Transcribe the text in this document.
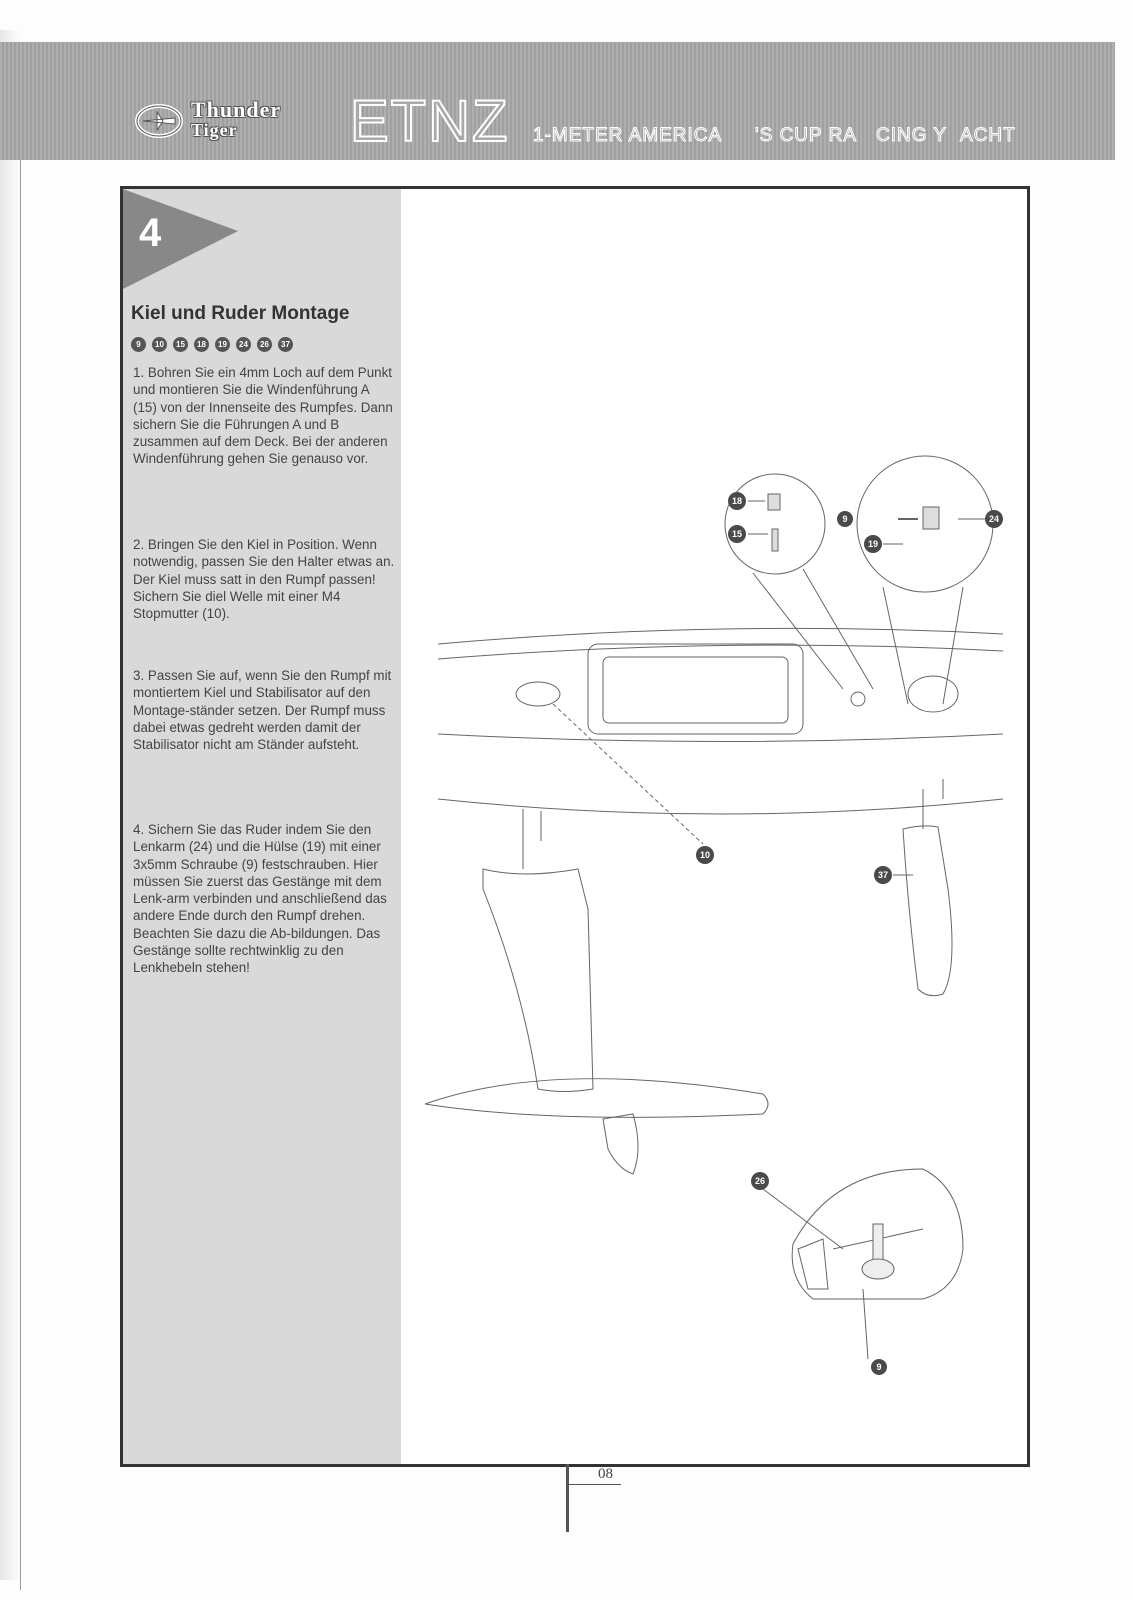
Thunder
Tiger ETNZ 1-METER AMERICA 'S CUP RA CING Y ACHT
4
Kiel und Ruder Montage
9	10	15	18	19	24	26	37

1. Bohren Sie ein 4mm Loch auf dem Punkt und montieren Sie die Windenführung A (15) von der Innenseite des Rumpfes. Dann sichern Sie die Führungen A und B zusammen auf dem Deck. Bei der anderen Windenführung gehen Sie genauso vor.

2. Bringen Sie den Kiel in Position. Wenn notwendig, passen Sie den Halter etwas an. Der Kiel muss satt in den Rumpf passen! Sichern Sie diel Welle mit einer M4 Stopmutter (10).

3. Passen Sie auf, wenn Sie den Rumpf mit montiertem Kiel und Stabilisator auf den Montage-ständer setzen. Der Rumpf muss dabei etwas gedreht werden damit der Stabilisator nicht am Ständer aufsteht.

4. Sichern Sie das Ruder indem Sie den Lenkarm (24) und die Hülse (19) mit einer 3x5mm Schraube (9) festschrauben. Hier müssen Sie zuerst das Gestänge mit dem Lenk-arm verbinden und anschließend das andere Ende durch den Rumpf drehen. Beachten Sie dazu die Ab-bildungen. Das Gestänge sollte rechtwinklig zu den Lenkhebeln stehen!

18
15
9	24
19
10
37
26
9
08
